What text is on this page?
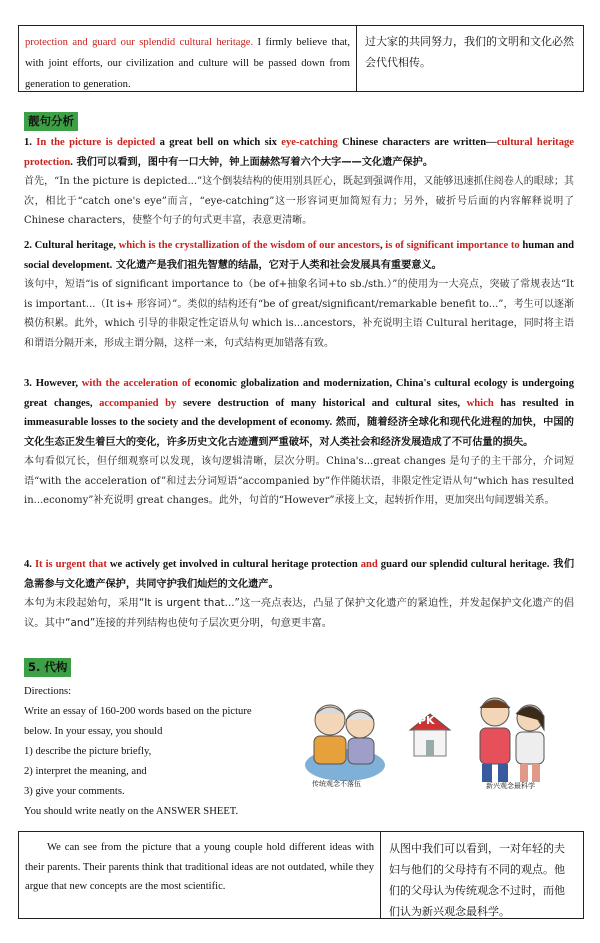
protection and guard our splendid cultural heritage. I firmly believe that, with joint efforts, our civilization and culture will be passed down from generation to generation.
过大家的共同努力，我们的文明和文化必然会代代相传。
靓句分析
1. In the picture is depicted a great bell on which six eye-catching Chinese characters are written—cultural heritage protection. 我们可以看到，图中有一口大钟，钟上面赫然写着六个大字——文化遗产保护。
首先，“In the picture is depicted...”这个倒装结构的使用别具匠心，既起到强调作用，又能够迅速抓住阅卷人的眼球；其次，相比于“catch one's eye”而言，“eye-catching”这一形容词更加简短有力；另外，破折号后面的内容解释说明了 Chinese characters，使整个句子的句式更丰富，表意更清晰。
2. Cultural heritage, which is the crystallization of the wisdom of our ancestors, is of significant importance to human and social development. 文化遗产是我们祖先智慧的结晶，它对于人类和社会发展具有重要意义。
该句中，短语“is of significant importance to（be of+抽象名词+to sb./sth.）”的使用为一大亮点，突破了常规表达“It is important...（It is+ 形容词）”。类似的结构还有“be of great/significant/remarkable benefit to...”，考生可以逐渐模仿积累。此外，which 引导的非限定性定语从句 which is...ancestors，补充说明主语 Cultural heritage，同时将主语和谓语分隔开来，形成主谓分隔，这样一来，句式结构更加错落有致。
3. However, with the acceleration of economic globalization and modernization, China's cultural ecology is undergoing great changes, accompanied by severe destruction of many historical and cultural sites, which has resulted in immeasurable losses to the society and the development of economy. 然而，随着经济全球化和现代化进程的加快，中国的文化生态正发生着巨大的变化，许多历史文化古迹遭到严重破坏，对人类社会和经济发展造成了不可估量的损失。
本句看似冗长，但仔细观察可以发现，该句逻辑清晰，层次分明。China's...great changes 是句子的主干部分，介词短语“with the acceleration of”和过去分词短语“accompanied by”作伴随状语，非限定性定语从句“which has resulted in...economy”补充说明 great changes。此外，句首的“However”承接上文，起转折作用，更加突出句间逻辑关系。
4. It is urgent that we actively get involved in cultural heritage protection and guard our splendid cultural heritage. 我们急需参与文化遗产保护，共同守护我们灿烂的文化遗产。
本句为末段起始句，采用“It is urgent that...”这一亮点表达，凸显了保护文化遗产的紧迫性，并发起保护文化遗产的倡议。其中“and”连接的并列结构也使句子层次更分明，句意更丰富。
5. 代构
Directions:
Write an essay of 160-200 words based on the picture
below. In your essay, you should
1) describe the picture briefly,
2) interpret the meaning, and
3) give your comments.
You should write neatly on the ANSWER SHEET.
PK
传统观念不落伍	新兴观念最科学
We can see from the picture that a young couple hold different ideas with their parents. Their parents think that traditional ideas are not outdated, while they argue that new concepts are the most scientific.
从图中我们可以看到，一对年轻的夫妇与他们的父母持有不同的观点。他们的父母认为传统观念不过时，而他们认为新兴观念最科学。
